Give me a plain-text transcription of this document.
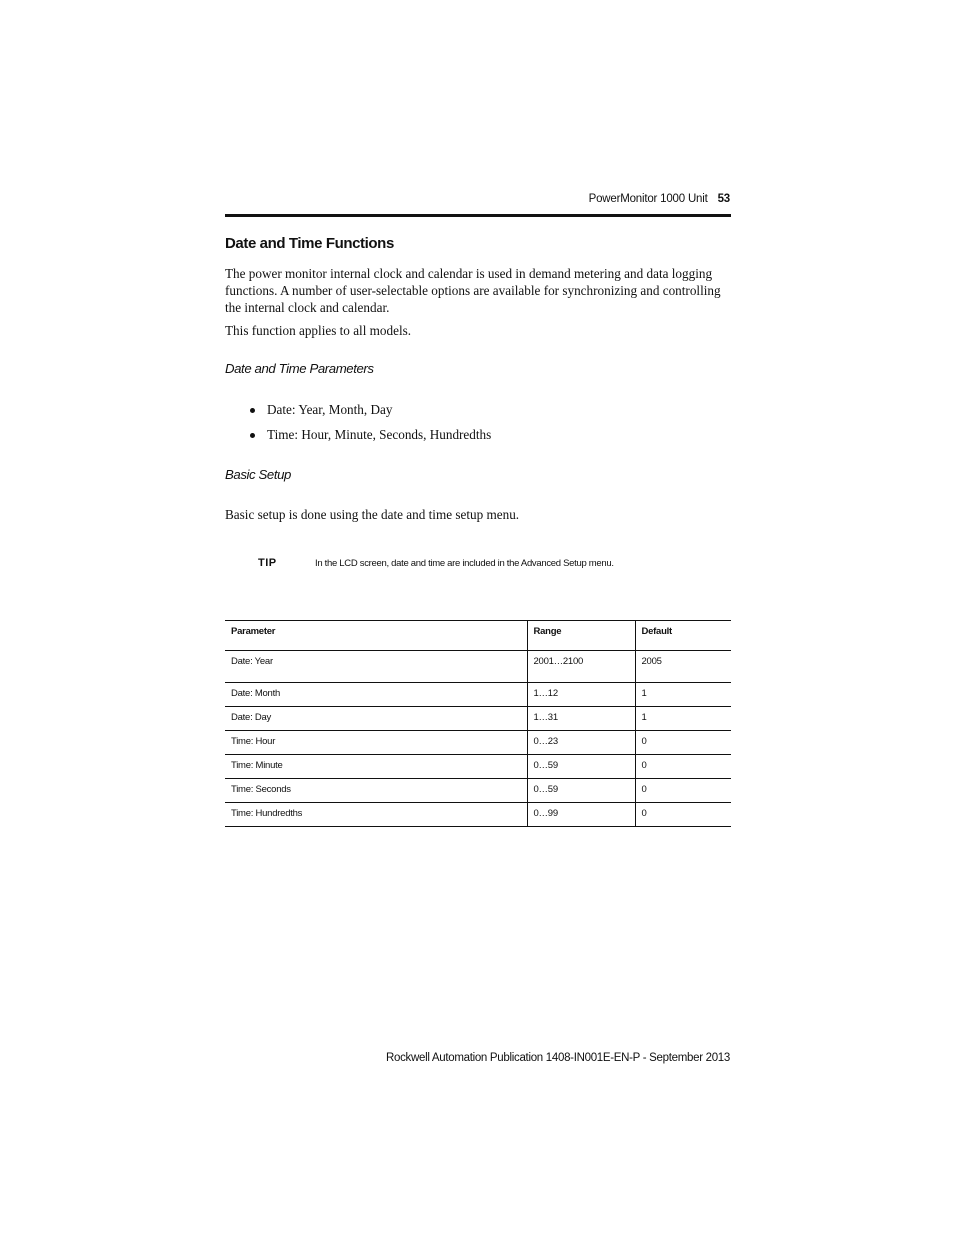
PowerMonitor 1000 Unit 53
Date and Time Functions

The power monitor internal clock and calendar is used in demand metering and data logging functions. A number of user-selectable options are available for synchronizing and controlling the internal clock and calendar.

This function applies to all models.

Date and Time Parameters
Date: Year, Month, Day
Time: Hour, Minute, Seconds, Hundredths
Basic Setup

Basic setup is done using the date and time setup menu.

TIP	In the LCD screen, date and time are included in the Advanced Setup menu.
Parameter	Range	Default
Date: Year	2001…2100	2005
Date: Month	1…12	1
Date: Day	1…31	1
Time: Hour	0…23	0
Time: Minute	0…59	0
Time: Seconds	0…59	0
Time: Hundredths	0…99	0
Rockwell Automation Publication 1408-IN001E-EN-P - September 2013
